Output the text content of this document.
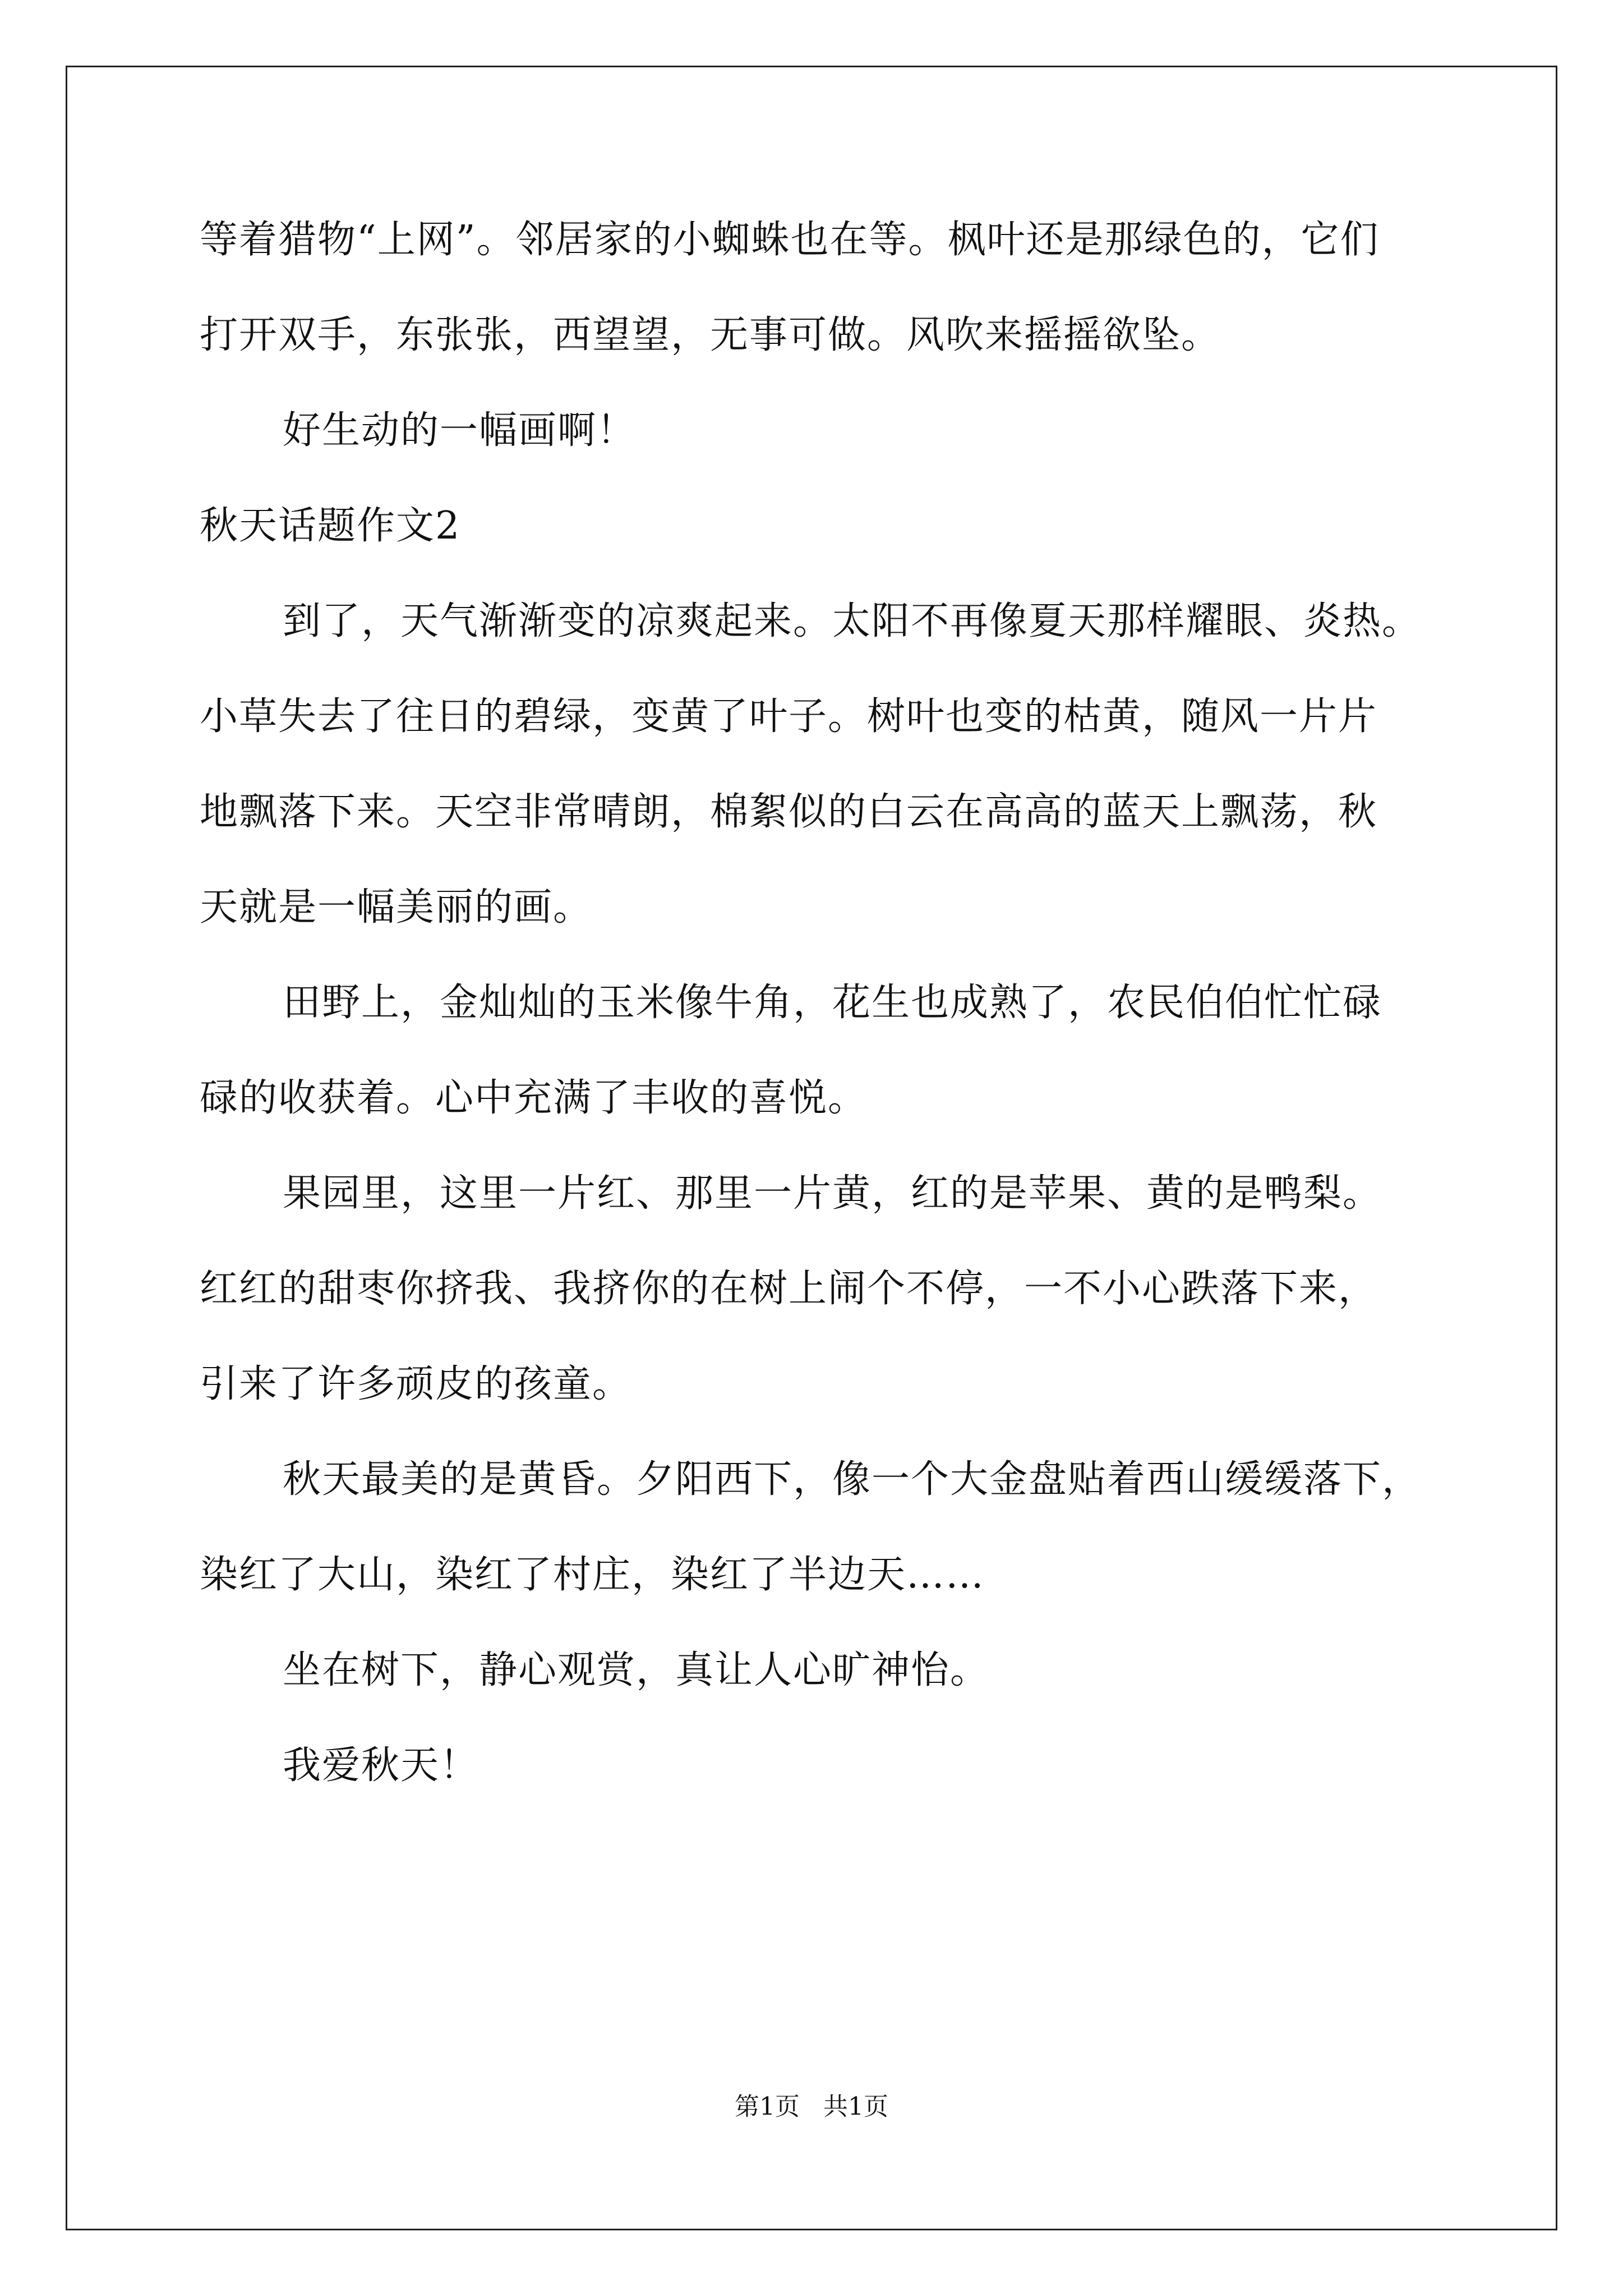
等着猎物“上网”。邻居家的小蜘蛛也在等。枫叶还是那绿色的，它们
打开双手，东张张，西望望，无事可做。风吹来摇摇欲坠。
好生动的一幅画啊！
秋天话题作文2
到了，天气渐渐变的凉爽起来。太阳不再像夏天那样耀眼、炎热。
小草失去了往日的碧绿，变黄了叶子。树叶也变的枯黄，随风一片片
地飘落下来。天空非常晴朗，棉絮似的白云在高高的蓝天上飘荡，秋
天就是一幅美丽的画。
田野上，金灿灿的玉米像牛角，花生也成熟了，农民伯伯忙忙碌
碌的收获着。心中充满了丰收的喜悦。
果园里，这里一片红、那里一片黄，红的是苹果、黄的是鸭梨。
红红的甜枣你挤我、我挤你的在树上闹个不停，一不小心跌落下来，
引来了许多顽皮的孩童。
秋天最美的是黄昏。夕阳西下，像一个大金盘贴着西山缓缓落下，
染红了大山，染红了村庄，染红了半边天……
坐在树下，静心观赏，真让人心旷神怡。
我爱秋天！
第1页   共1页
